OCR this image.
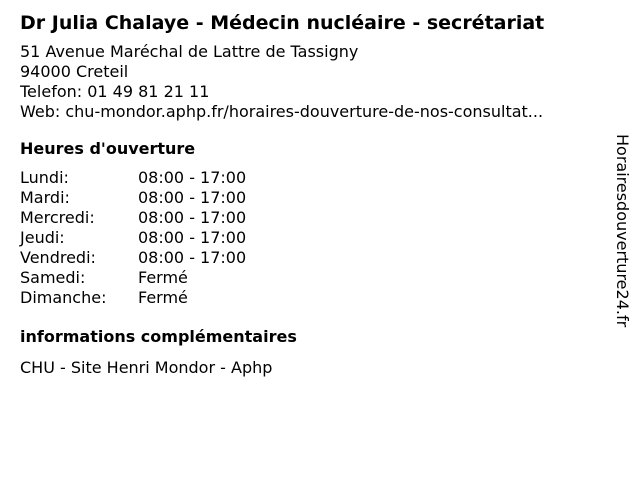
Dr Julia Chalaye - Médecin nucléaire - secrétariat
51 Avenue Maréchal de Lattre de Tassigny
94000 Creteil
Telefon: 01 49 81 21 11
Web: chu-mondor.aphp.fr/horaires-douverture-de-nos-consultat...
Heures d'ouverture
Lundi:	08:00 - 17:00
Mardi:	08:00 - 17:00
Mercredi:	08:00 - 17:00
Jeudi:	08:00 - 17:00
Vendredi:	08:00 - 17:00
Samedi:	Fermé
Dimanche:	Fermé
informations complémentaires
CHU - Site Henri Mondor - Aphp
Horairesdouverture24.fr
